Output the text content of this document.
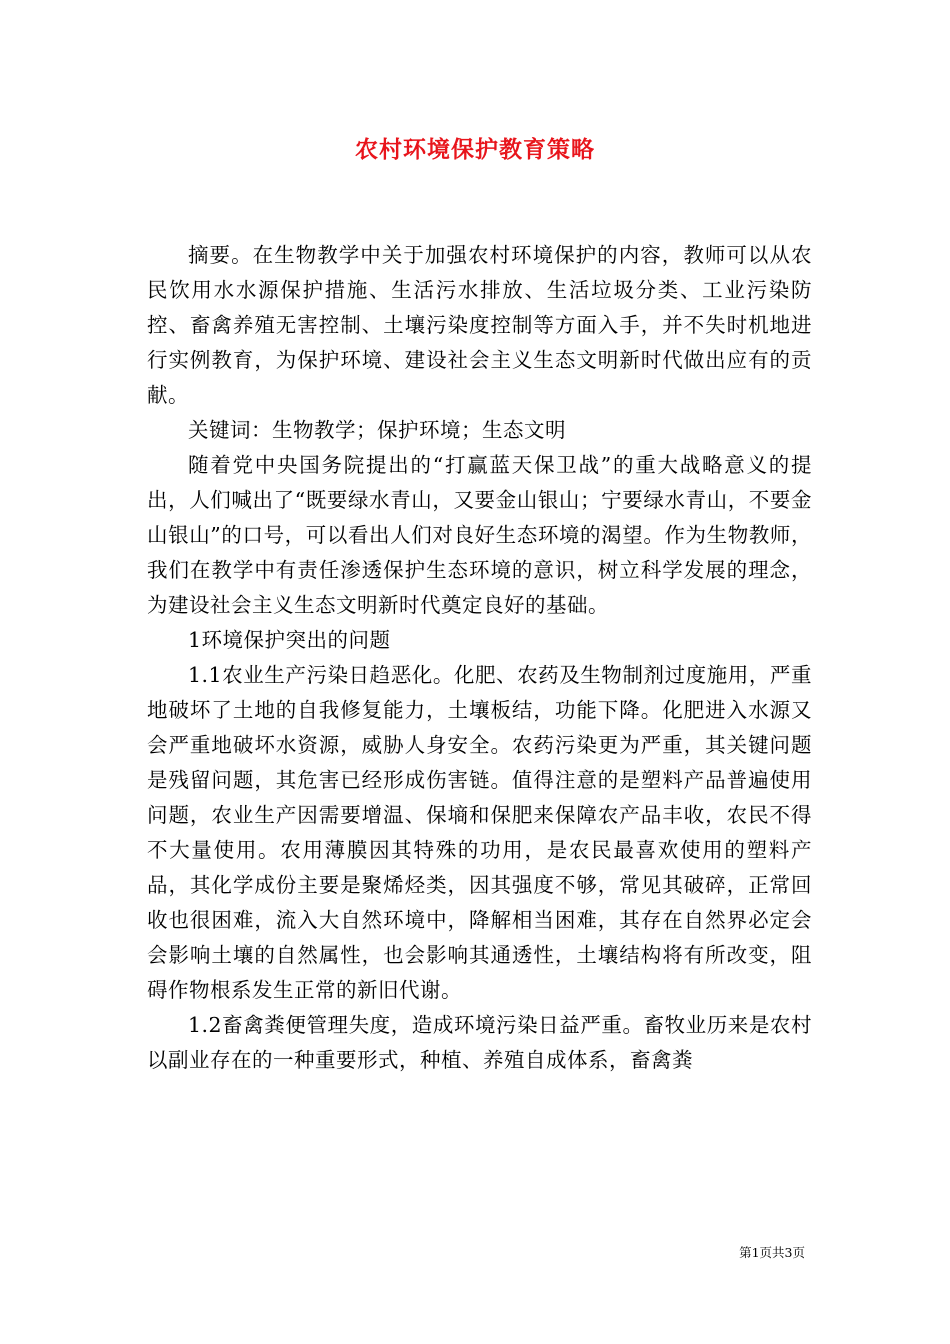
农村环境保护教育策略

摘要。在生物教学中关于加强农村环境保护的内容，教师可以从农民饮用水水源保护措施、生活污水排放、生活垃圾分类、工业污染防控、畜禽养殖无害控制、土壤污染度控制等方面入手，并不失时机地进行实例教育，为保护环境、建设社会主义生态文明新时代做出应有的贡献。

关键词：生物教学；保护环境；生态文明

随着党中央国务院提出的“打赢蓝天保卫战”的重大战略意义的提出，人们喊出了“既要绿水青山，又要金山银山；宁要绿水青山，不要金山银山”的口号，可以看出人们对良好生态环境的渴望。作为生物教师，我们在教学中有责任渗透保护生态环境的意识，树立科学发展的理念，为建设社会主义生态文明新时代奠定良好的基础。

1环境保护突出的问题

1.1农业生产污染日趋恶化。化肥、农药及生物制剂过度施用，严重地破坏了土地的自我修复能力，土壤板结，功能下降。化肥进入水源又会严重地破坏水资源，威胁人身安全。农药污染更为严重，其关键问题是残留问题，其危害已经形成伤害链。值得注意的是塑料产品普遍使用问题，农业生产因需要增温、保墒和保肥来保障农产品丰收，农民不得不大量使用。农用薄膜因其特殊的功用，是农民最喜欢使用的塑料产品，其化学成份主要是聚烯烃类，因其强度不够，常见其破碎，正常回收也很困难，流入大自然环境中，降解相当困难，其存在自然界必定会会影响土壤的自然属性，也会影响其通透性，土壤结构将有所改变，阻碍作物根系发生正常的新旧代谢。

1.2畜禽粪便管理失度，造成环境污染日益严重。畜牧业历来是农村以副业存在的一种重要形式，种植、养殖自成体系，畜禽粪

第1页共3页
